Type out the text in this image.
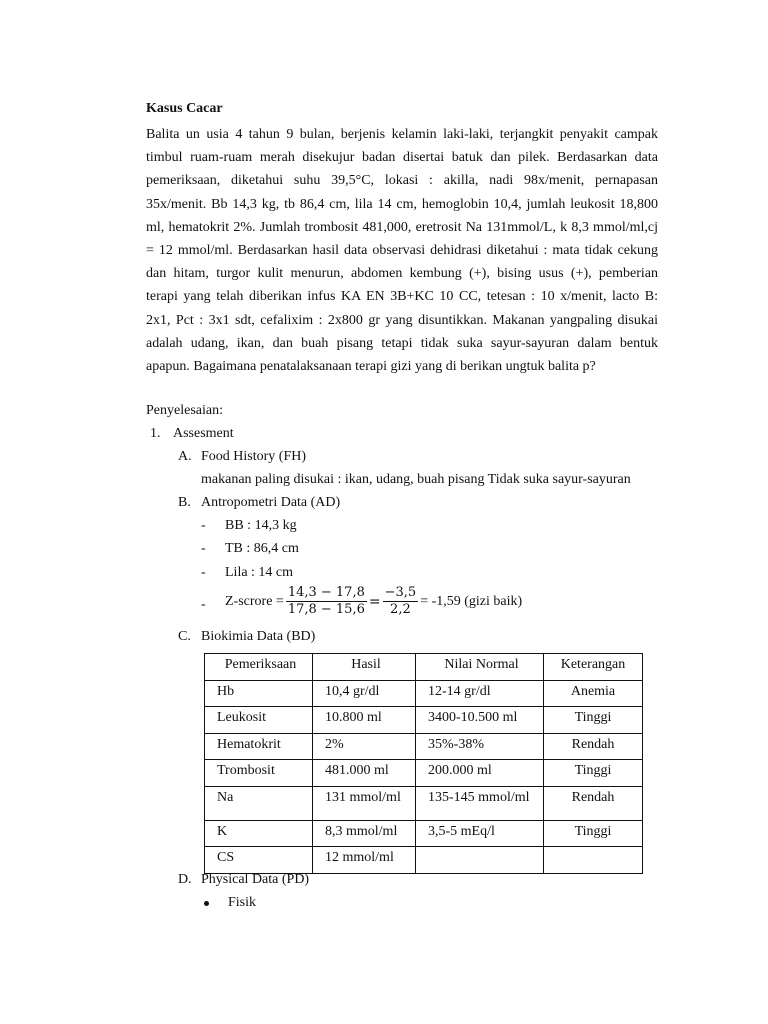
Kasus Cacar
Balita un usia 4 tahun 9 bulan, berjenis kelamin laki-laki, terjangkit penyakit campak
timbul ruam-ruam merah disekujur badan disertai batuk dan pilek. Berdasarkan data
pemeriksaan, diketahui suhu 39,5°C, lokasi : akilla, nadi 98x/menit, pernapasan
35x/menit. Bb 14,3 kg, tb 86,4 cm, lila 14 cm, hemoglobin 10,4, jumlah leukosit 18,800
ml, hematokrit 2%. Jumlah trombosit 481,000, eretrosit Na 131mmol/L, k 8,3 mmol/ml,cj
= 12 mmol/ml. Berdasarkan hasil data observasi dehidrasi diketahui : mata tidak cekung
dan hitam, turgor kulit menurun, abdomen kembung (+), bising usus (+), pemberian
terapi yang telah diberikan infus KA EN 3B+KC 10 CC, tetesan : 10 x/menit, lacto B:
2x1, Pct : 3x1 sdt, cefalixim : 2x800 gr yang disuntikkan. Makanan yangpaling disukai
adalah udang, ikan, dan buah pisang tetapi tidak suka sayur-sayuran dalam bentuk
apapun. Bagaimana penatalaksanaan terapi gizi yang di berikan ungtuk balita p?
Penyelesaian:
1. Assesment
A. Food History (FH)
makanan paling disukai : ikan, udang, buah pisang Tidak suka sayur-sayuran
B. Antropometri Data (AD)
- BB : 14,3 kg
- TB : 86,4 cm
- Lila : 14 cm
- Z-scrore = $\frac{14,3 - 17,8}{17,8 - 15,6} = \frac{-3,5}{2,2} = -1,59$ (gizi baik)
C. Biokimia Data (BD)
Pemeriksaan	Hasil	Nilai Normal	Keterangan
Hb	10,4 gr/dl	12-14 gr/dl	Anemia
Leukosit	10.800 ml	3400-10.500 ml	Tinggi
Hematokrit	2%	35%-38%	Rendah
Trombosit	481.000 ml	200.000 ml	Tinggi
Na	131 mmol/ml	135-145 mmol/ml	Rendah
K	8,3 mmol/ml	3,5-5 mEq/l	Tinggi
CS	12 mmol/ml		
D. Physical Data (PD)
Fisik
